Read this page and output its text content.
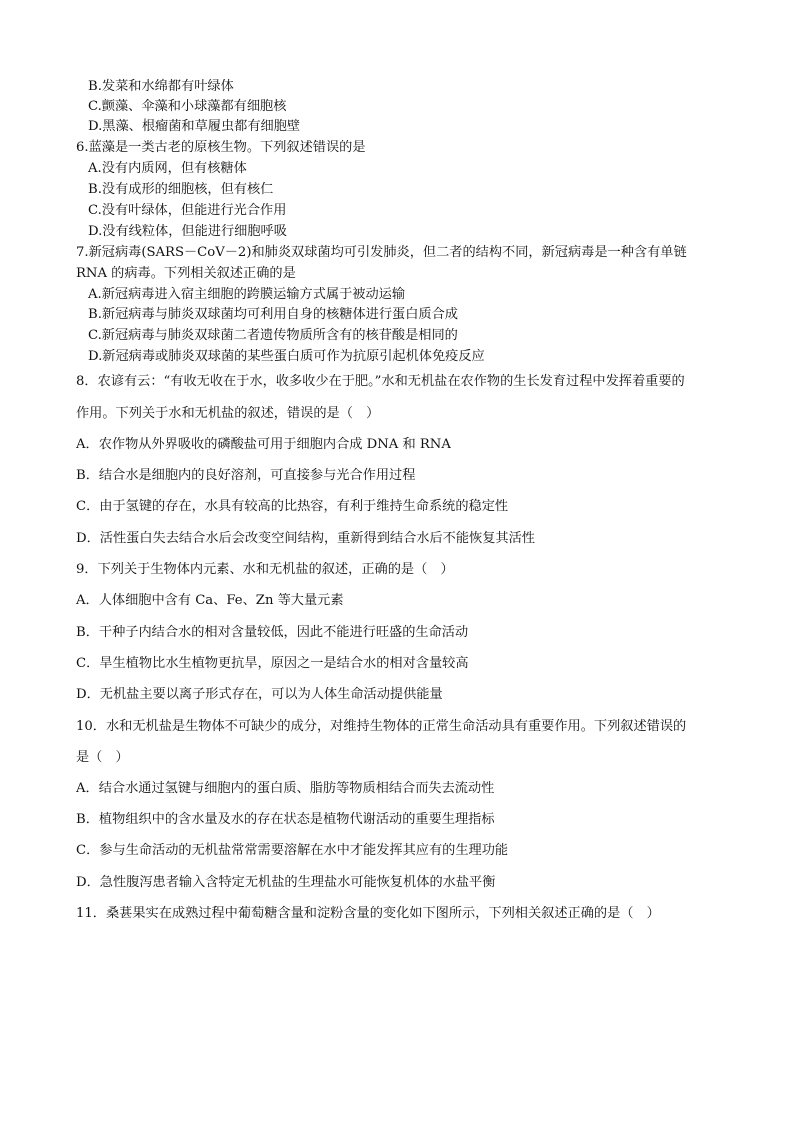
B.发菜和水绵都有叶绿体
C.颤藻、伞藻和小球藻都有细胞核
D.黑藻、根瘤菌和草履虫都有细胞壁
6.蓝藻是一类古老的原核生物。下列叙述错误的是
A.没有内质网，但有核糖体
B.没有成形的细胞核，但有核仁
C.没有叶绿体，但能进行光合作用
D.没有线粒体，但能进行细胞呼吸
7.新冠病毒(SARS－CoV－2)和肺炎双球菌均可引发肺炎，但二者的结构不同，新冠病毒是一种含有单链
RNA 的病毒。下列相关叙述正确的是
A.新冠病毒进入宿主细胞的跨膜运输方式属于被动运输
B.新冠病毒与肺炎双球菌均可利用自身的核糖体进行蛋白质合成
C.新冠病毒与肺炎双球菌二者遗传物质所含有的核苷酸是相同的
D.新冠病毒或肺炎双球菌的某些蛋白质可作为抗原引起机体免疫反应
8．农谚有云：“有收无收在于水，收多收少在于肥。”水和无机盐在农作物的生长发育过程中发挥着重要的
作用。下列关于水和无机盐的叙述，错误的是（　）
A．农作物从外界吸收的磷酸盐可用于细胞内合成 DNA 和 RNA
B．结合水是细胞内的良好溶剂，可直接参与光合作用过程
C．由于氢键的存在，水具有较高的比热容，有利于维持生命系统的稳定性
D．活性蛋白失去结合水后会改变空间结构，重新得到结合水后不能恢复其活性
9．下列关于生物体内元素、水和无机盐的叙述，正确的是（　）
A．人体细胞中含有 Ca、Fe、Zn 等大量元素
B．干种子内结合水的相对含量较低，因此不能进行旺盛的生命活动
C．旱生植物比水生植物更抗旱，原因之一是结合水的相对含量较高
D．无机盐主要以离子形式存在，可以为人体生命活动提供能量
10．水和无机盐是生物体不可缺少的成分，对维持生物体的正常生命活动具有重要作用。下列叙述错误的
是（　）
A．结合水通过氢键与细胞内的蛋白质、脂肪等物质相结合而失去流动性
B．植物组织中的含水量及水的存在状态是植物代谢活动的重要生理指标
C．参与生命活动的无机盐常常需要溶解在水中才能发挥其应有的生理功能
D．急性腹泻患者输入含特定无机盐的生理盐水可能恢复机体的水盐平衡
11．桑葚果实在成熟过程中葡萄糖含量和淀粉含量的变化如下图所示，下列相关叙述正确的是（　）
